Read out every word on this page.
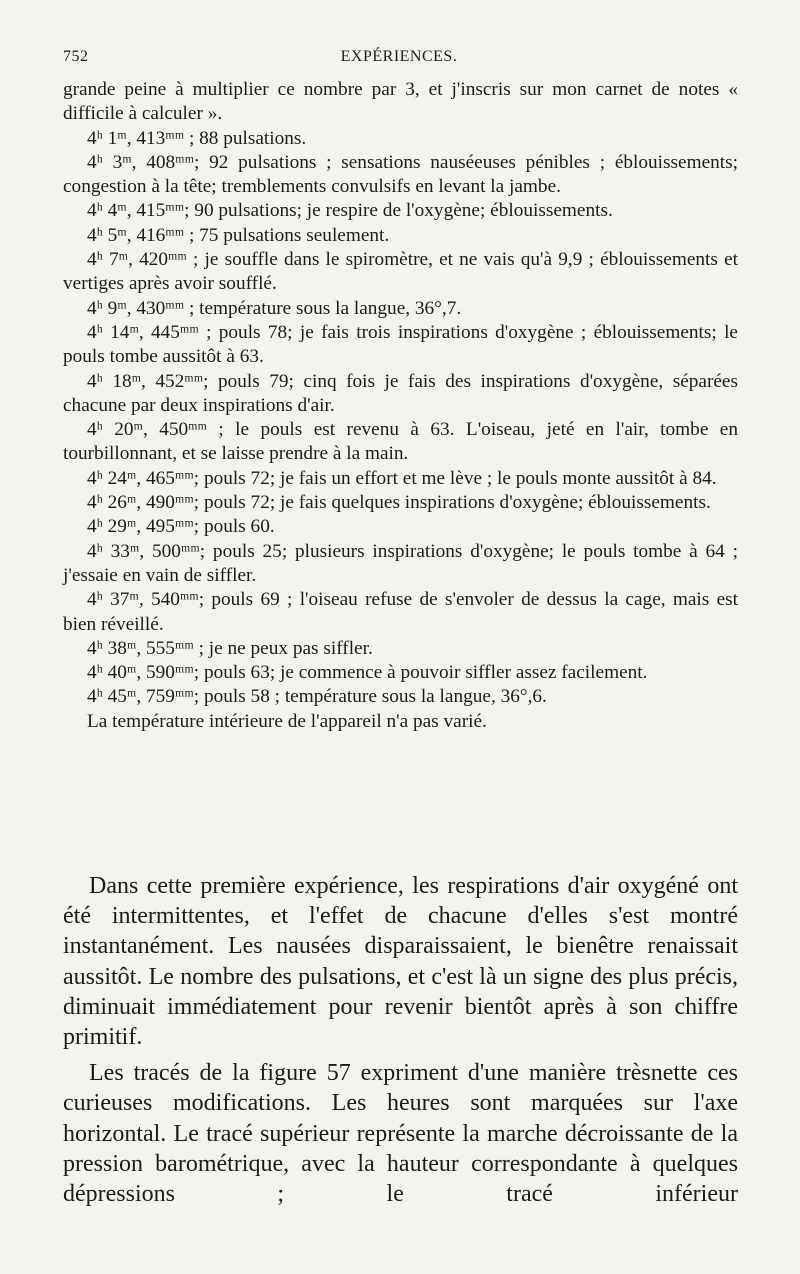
752	EXPÉRIENCES.

grande peine à multiplier ce nombre par 3, et j'inscris sur mon carnet de notes « difficile à calculer ».

4ʰ 1ᵐ, 413ᵐᵐ ; 88 pulsations.

4ʰ 3ᵐ, 408ᵐᵐ; 92 pulsations ; sensations nauséeuses pénibles ; éblouissements; congestion à la tête; tremblements convulsifs en levant la jambe.

4ʰ 4ᵐ, 415ᵐᵐ; 90 pulsations; je respire de l'oxygène; éblouissements.

4ʰ 5ᵐ, 416ᵐᵐ ; 75 pulsations seulement.

4ʰ 7ᵐ, 420ᵐᵐ ; je souffle dans le spiromètre, et ne vais qu'à 9,9 ; éblouissements et vertiges après avoir soufflé.

4ʰ 9ᵐ, 430ᵐᵐ ; température sous la langue, 36°,7.

4ʰ 14ᵐ, 445ᵐᵐ ; pouls 78; je fais trois inspirations d'oxygène ; éblouissements; le pouls tombe aussitôt à 63.

4ʰ 18ᵐ, 452ᵐᵐ; pouls 79; cinq fois je fais des inspirations d'oxygène, séparées chacune par deux inspirations d'air.

4ʰ 20ᵐ, 450ᵐᵐ ; le pouls est revenu à 63. L'oiseau, jeté en l'air, tombe en tourbillonnant, et se laisse prendre à la main.

4ʰ 24ᵐ, 465ᵐᵐ; pouls 72; je fais un effort et me lève ; le pouls monte aussitôt à 84.

4ʰ 26ᵐ, 490ᵐᵐ; pouls 72; je fais quelques inspirations d'oxygène; éblouissements.

4ʰ 29ᵐ, 495ᵐᵐ; pouls 60.

4ʰ 33ᵐ, 500ᵐᵐ; pouls 25; plusieurs inspirations d'oxygène; le pouls tombe à 64 ; j'essaie en vain de siffler.

4ʰ 37ᵐ, 540ᵐᵐ; pouls 69 ; l'oiseau refuse de s'envoler de dessus la cage, mais est bien réveillé.

4ʰ 38ᵐ, 555ᵐᵐ ; je ne peux pas siffler.

4ʰ 40ᵐ, 590ᵐᵐ; pouls 63; je commence à pouvoir siffler assez facilement.

4ʰ 45ᵐ, 759ᵐᵐ; pouls 58 ; température sous la langue, 36°,6.

La température intérieure de l'appareil n'a pas varié.

Dans cette première expérience, les respirations d'air oxygéné ont été intermittentes, et l'effet de chacune d'elles s'est montré instantanément. Les nausées disparaissaient, le bienêtre renaissait aussitôt. Le nombre des pulsations, et c'est là un signe des plus précis, diminuait immédiatement pour revenir bientôt après à son chiffre primitif.

Les tracés de la figure 57 expriment d'une manière trèsnette ces curieuses modifications. Les heures sont marquées sur l'axe horizontal. Le tracé supérieur représente la marche décroissante de la pression barométrique, avec la hauteur correspondante à quelques dépressions ; le tracé inférieur
